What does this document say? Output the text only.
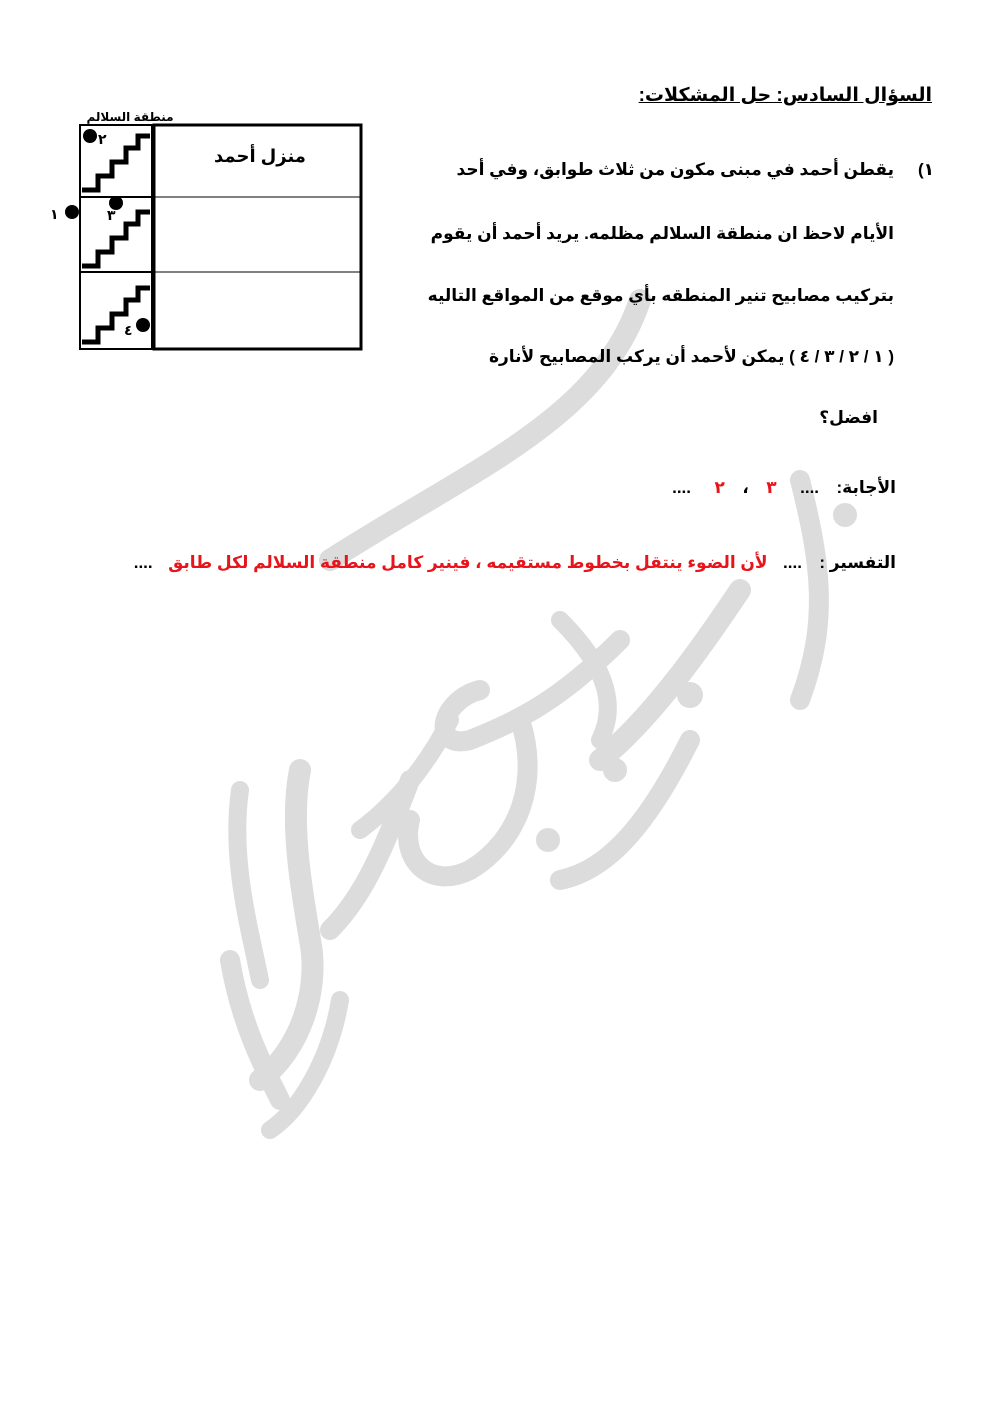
السؤال السادس: حل المشكلات:
١)
يقطن أحمد في مبنى مكون من ثلاث طوابق، وفي أحد
الأيام لاحظ ان منطقة السلالم مظلمه. يريد أحمد أن يقوم
بتركيب مصابيح تنير المنطقه بأي موقع من المواقع التاليه
( ١ / ٢ / ٣ / ٤ ) يمكن لأحمد أن يركب المصابيح لأنارة
افضل؟
منطقة السلالم
منزل أحمد
١
٢
٣
٤
الأجابة:  ....  ٣  ،  ٢  ....
التفسير :  ....  لأن الضوء ينتقل بخطوط مستقيمه ، فينير كامل منطقة السلالم لكل طابق  ....
